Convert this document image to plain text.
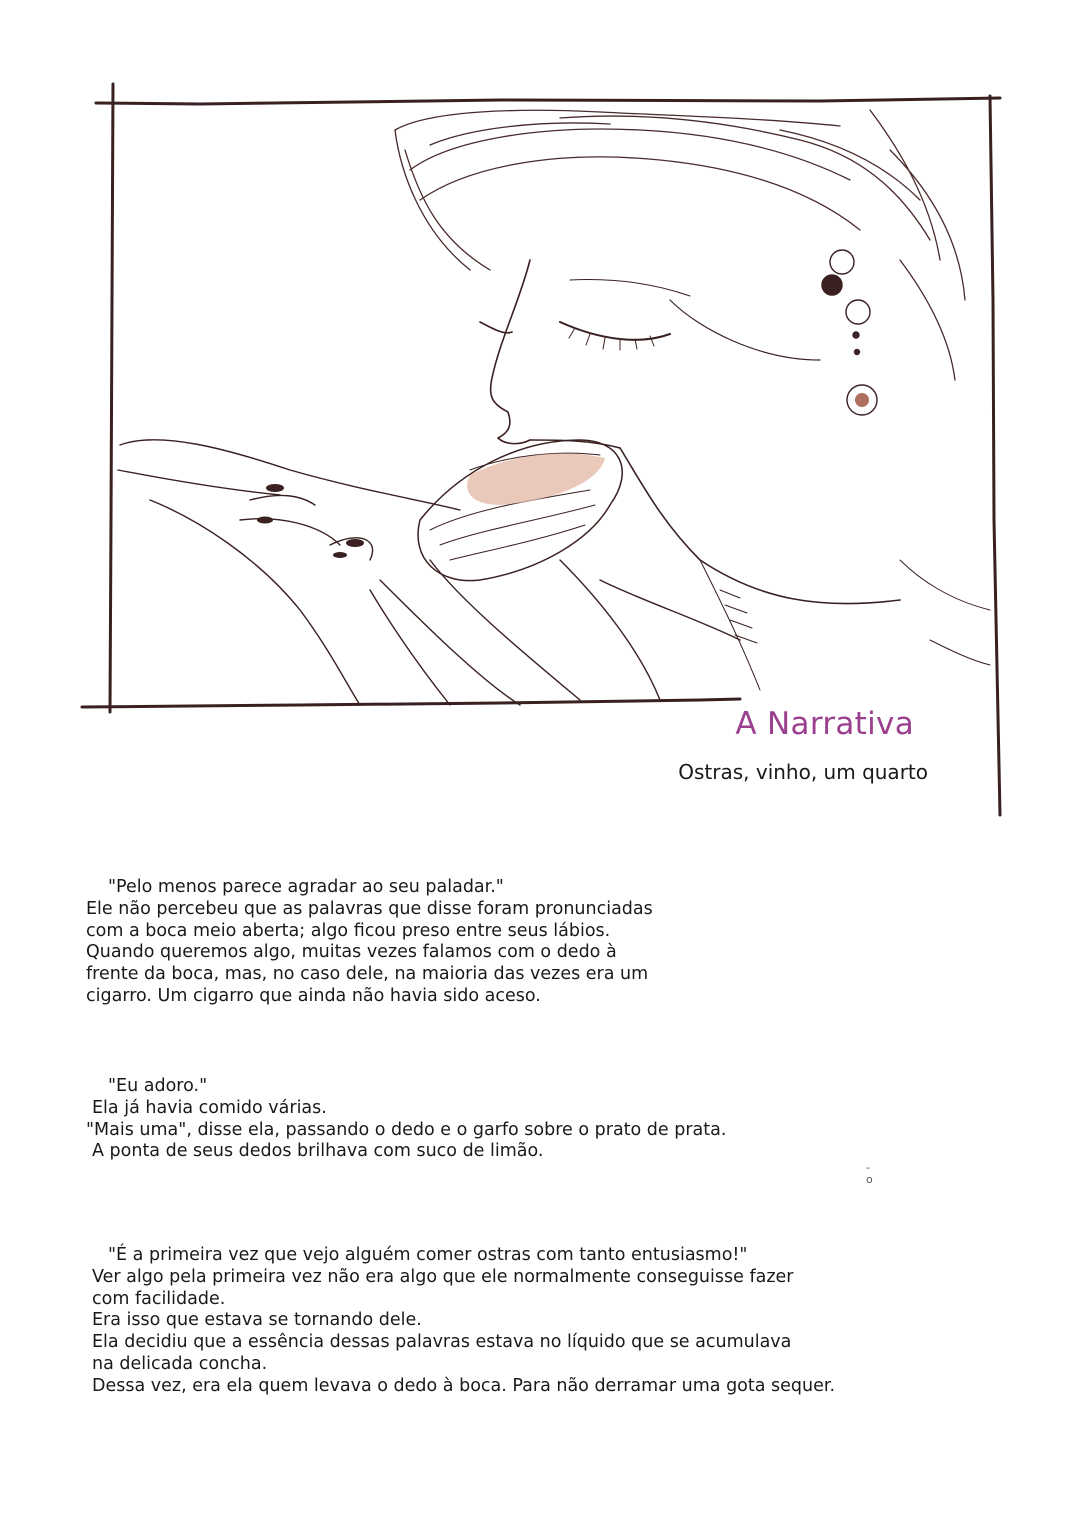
A Narrativa
Ostras, vinho, um quarto
"Pelo menos parece agradar ao seu paladar."
Ele não percebeu que as palavras que disse foram pronunciadas
com a boca meio aberta; algo ficou preso entre seus lábios.
Quando queremos algo, muitas vezes falamos com o dedo à
frente da boca, mas, no caso dele, na maioria das vezes era um
cigarro. Um cigarro que ainda não havia sido aceso.
"Eu adoro."
Ela já havia comido várias.
"Mais uma", disse ela, passando o dedo e o garfo sobre o prato de prata.
A ponta de seus dedos brilhava com suco de limão.
"É a primeira vez que vejo alguém comer ostras com tanto entusiasmo!"
Ver algo pela primeira vez não era algo que ele normalmente conseguisse fazer
com facilidade.
Era isso que estava se tornando dele.
Ela decidiu que a essência dessas palavras estava no líquido que se acumulava
na delicada concha.
Dessa vez, era ela quem levava o dedo à boca. Para não derramar uma gota sequer.
-
o
